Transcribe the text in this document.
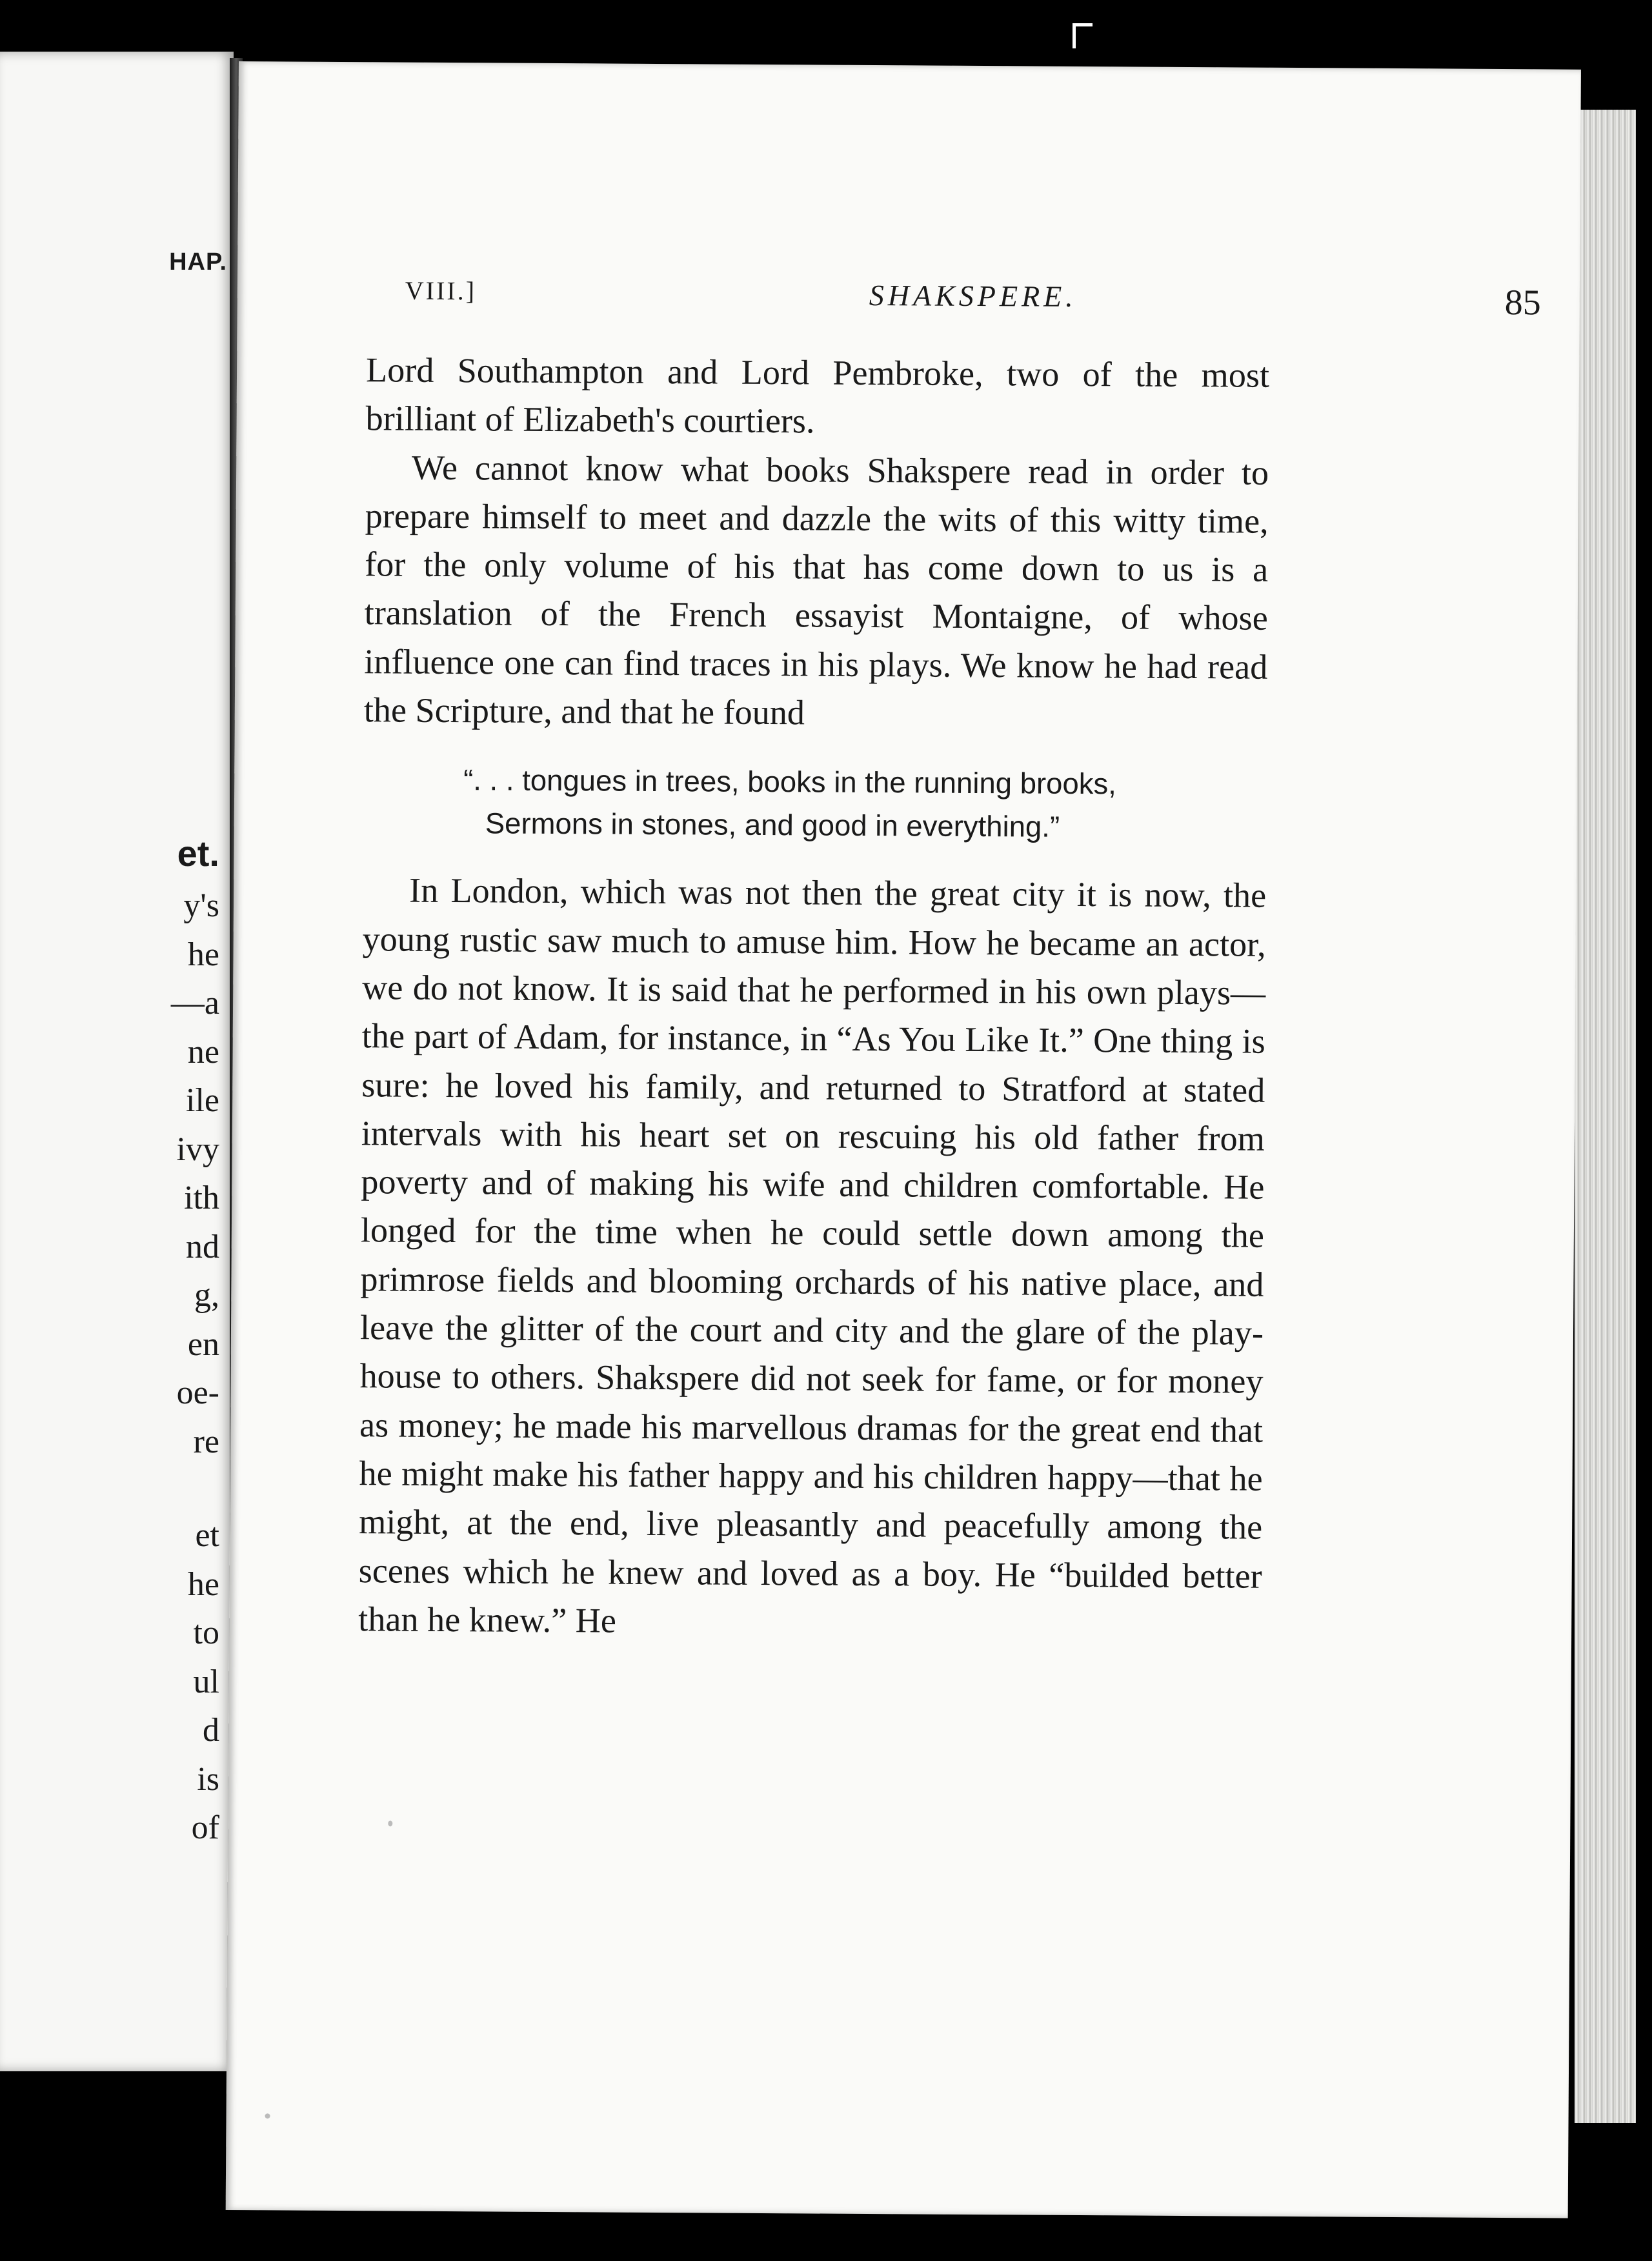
HAP.
et.
y's
he
—a
ne
ile
ivy
ith
nd
g,
en
oe-
re
et
he
to
ul
d
is
of
VIII.]	SHAKSPERE.	85

Lord Southampton and Lord Pembroke, two of the most brilliant of Elizabeth's courtiers.

We cannot know what books Shakspere read in order to prepare himself to meet and dazzle the wits of this witty time, for the only volume of his that has come down to us is a translation of the French essayist Montaigne, of whose influence one can find traces in his plays. We know he had read the Scripture, and that he found

“. . . tongues in trees, books in the running brooks,
Sermons in stones, and good in everything.”

In London, which was not then the great city it is now, the young rustic saw much to amuse him. How he became an actor, we do not know. It is said that he performed in his own plays—the part of Adam, for instance, in “As You Like It.” One thing is sure: he loved his family, and returned to Stratford at stated intervals with his heart set on rescuing his old father from poverty and of making his wife and children comfortable. He longed for the time when he could settle down among the primrose fields and blooming orchards of his native place, and leave the glitter of the court and city and the glare of the play-house to others. Shakspere did not seek for fame, or for money as money; he made his marvellous dramas for the great end that he might make his father happy and his children happy—that he might, at the end, live pleasantly and peacefully among the scenes which he knew and loved as a boy. He “builded better than he knew.” He
